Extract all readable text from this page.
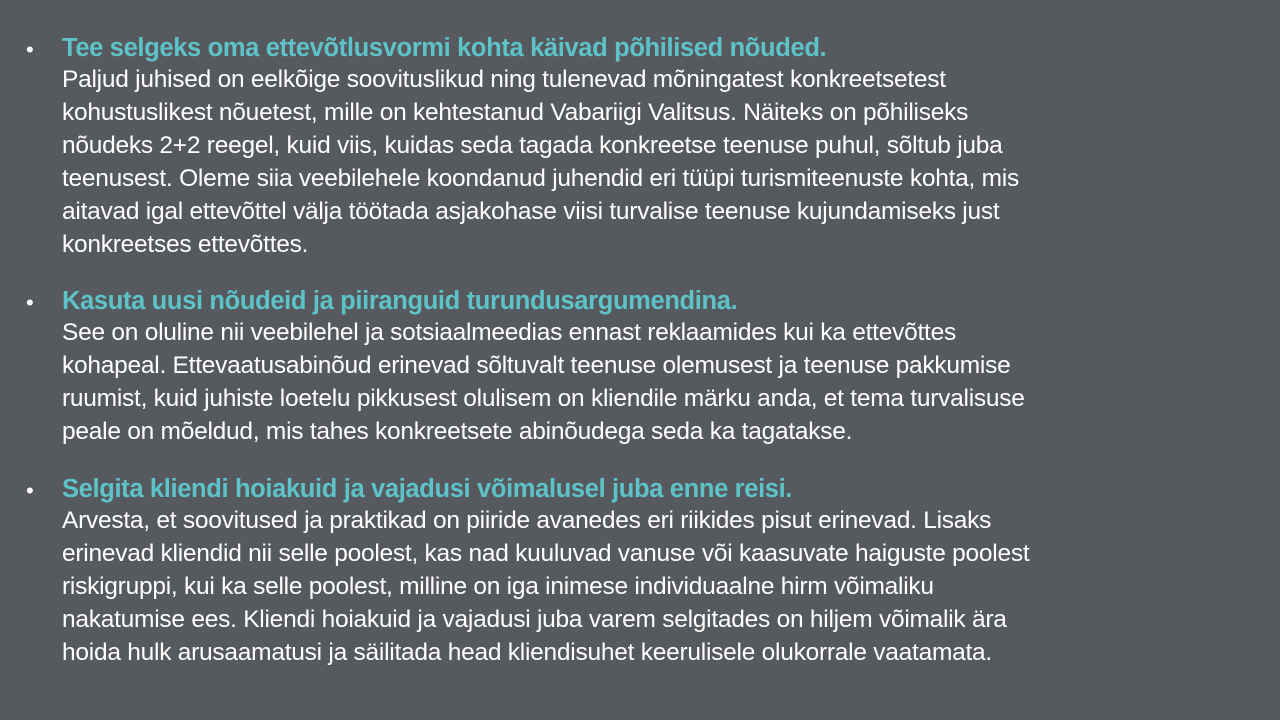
• Tee selgeks oma ettevõtlusvormi kohta käivad põhilised nõuded.
Paljud juhised on eelkõige soovituslikud ning tulenevad mõningatest konkreetsetest
kohustuslikest nõuetest, mille on kehtestanud Vabariigi Valitsus. Näiteks on põhiliseks
nõudeks 2+2 reegel, kuid viis, kuidas seda tagada konkreetse teenuse puhul, sõltub juba
teenusest. Oleme siia veebilehele koondanud juhendid eri tüüpi turismiteenuste kohta, mis
aitavad igal ettevõttel välja töötada asjakohase viisi turvalise teenuse kujundamiseks just
konkreetses ettevõttes.
• Kasuta uusi nõudeid ja piiranguid turundusargumendina.
See on oluline nii veebilehel ja sotsiaalmeedias ennast reklaamides kui ka ettevõttes
kohapeal. Ettevaatusabinõud erinevad sõltuvalt teenuse olemusest ja teenuse pakkumise
ruumist, kuid juhiste loetelu pikkusest olulisem on kliendile märku anda, et tema turvalisuse
peale on mõeldud, mis tahes konkreetsete abinõudega seda ka tagatakse.
• Selgita kliendi hoiakuid ja vajadusi võimalusel juba enne reisi.
Arvesta, et soovitused ja praktikad on piiride avanedes eri riikides pisut erinevad. Lisaks
erinevad kliendid nii selle poolest, kas nad kuuluvad vanuse või kaasuvate haiguste poolest
riskigruppi, kui ka selle poolest, milline on iga inimese individuaalne hirm võimaliku
nakatumise ees. Kliendi hoiakuid ja vajadusi juba varem selgitades on hiljem võimalik ära
hoida hulk arusaamatusi ja säilitada head kliendisuhet keerulisele olukorrale vaatamata.
